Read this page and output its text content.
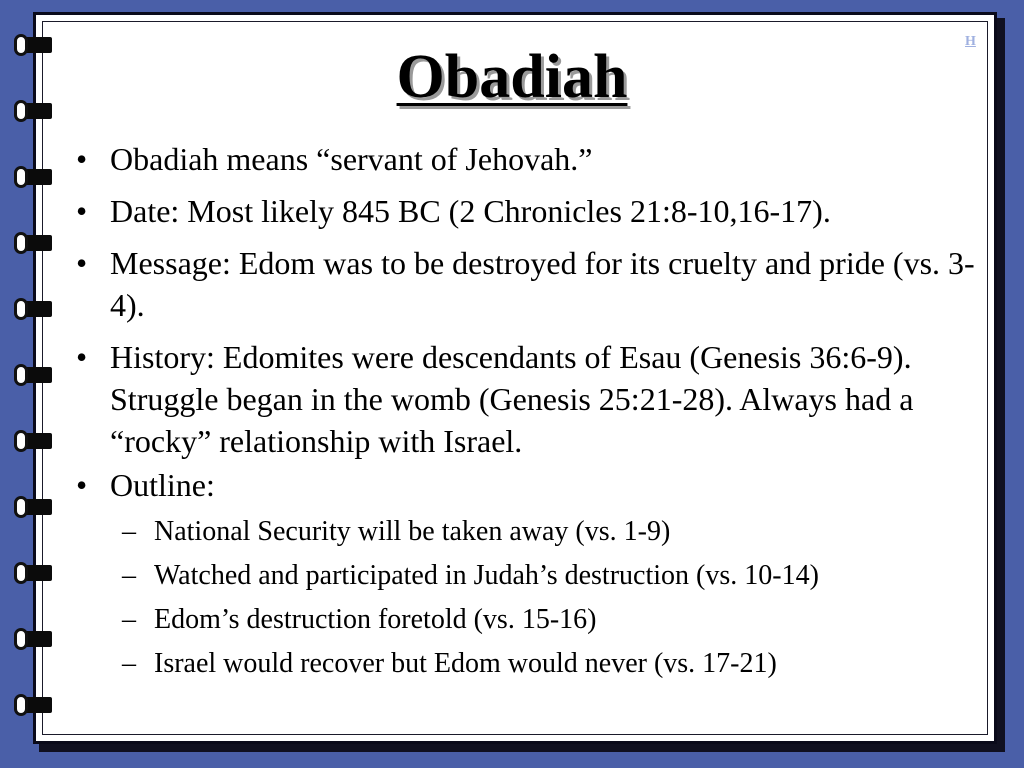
H
Obadiah
• Obadiah means “servant of Jehovah.”
• Date: Most likely 845 BC (2 Chronicles 21:8-10,16-17).
• Message: Edom was to be destroyed for its cruelty and pride (vs. 3-4).
• History: Edomites were descendants of Esau (Genesis 36:6-9). Struggle began in the womb (Genesis 25:21-28). Always had a “rocky” relationship with Israel.
• Outline:
– National Security will be taken away (vs. 1-9)
– Watched and participated in Judah’s destruction (vs. 10-14)
– Edom’s destruction foretold (vs. 15-16)
– Israel would recover but Edom would never (vs. 17-21)
